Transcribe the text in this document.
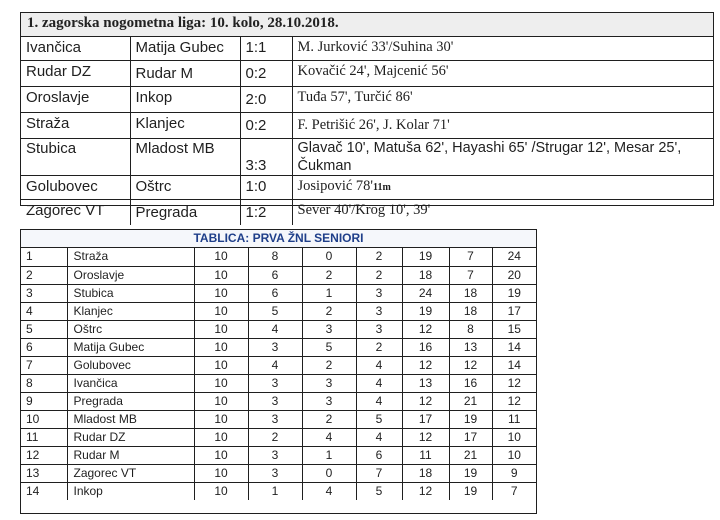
1. zagorska nogometna liga: 10. kolo, 28.10.2018.
Ivančica	Matija Gubec	1:1	M. Jurković 33'/Suhina 30'
Rudar DZ	Rudar M	0:2	Kovačić 24', Majcenić 56'
Oroslavje	Inkop	2:0	Tuđa 57', Turčić 86'
Straža	Klanjec	0:2	F. Petrišić 26', J. Kolar 71'
Stubica	Mladost MB	3:3	Glavač 10', Matuša 62', Hayashi 65' /Strugar 12', Mesar 25', Čukman
Golubovec	Oštrc	1:0	Josipović 78'11m
Zagorec VT	Pregrada	1:2	Sever 40'/Krog 10', 39'
TABLICA: PRVA ŽNL SENIORI
1	Straža	10	8	0	2	19	7	24
2	Oroslavje	10	6	2	2	18	7	20
3	Stubica	10	6	1	3	24	18	19
4	Klanjec	10	5	2	3	19	18	17
5	Oštrc	10	4	3	3	12	8	15
6	Matija Gubec	10	3	5	2	16	13	14
7	Golubovec	10	4	2	4	12	12	14
8	Ivančica	10	3	3	4	13	16	12
9	Pregrada	10	3	3	4	12	21	12
10	Mladost MB	10	3	2	5	17	19	11
11	Rudar DZ	10	2	4	4	12	17	10
12	Rudar M	10	3	1	6	11	21	10
13	Zagorec VT	10	3	0	7	18	19	9
14	Inkop	10	1	4	5	12	19	7
